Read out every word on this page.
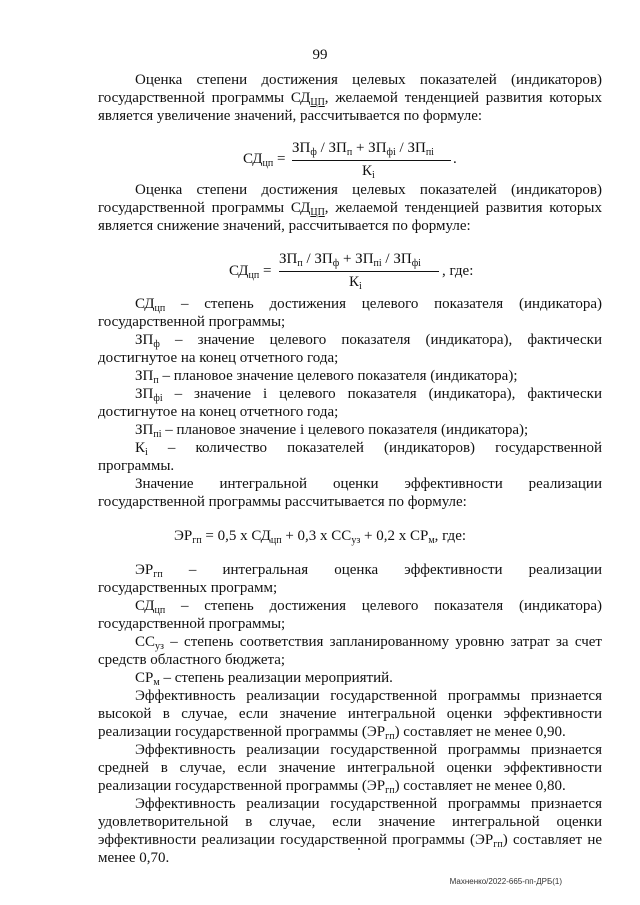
99
Оценка степени достижения целевых показателей (индикаторов)
государственной программы $СД_{ЦП}$, желаемой тенденцией развития которых
является увеличение значений, рассчитывается по формуле:
$СД_{цп}$ =
$ЗП_ф / ЗП_п + ЗП_{фi} / ЗП_{пi}$
$К_i$
.
Оценка степени достижения целевых показателей (индикаторов)
государственной программы $СД_{ЦП}$, желаемой тенденцией развития которых
является снижение значений, рассчитывается по формуле:
$СД_{цп}$ =
$ЗП_п / ЗП_ф + ЗП_{пi} / ЗП_{фi}$
$К_i$
, где:
$СД_{цп}$ – степень достижения целевого показателя (индикатора)
государственной программы;
$ЗП_ф$ – значение целевого показателя (индикатора), фактически
достигнутое на конец отчетного года;
$ЗП_п$ – плановое значение целевого показателя (индикатора);
$ЗП_{фi}$ – значение i целевого показателя (индикатора), фактически
достигнутое на конец отчетного года;
$ЗП_{пi}$ – плановое значение i целевого показателя (индикатора);
$К_i$ – количество показателей (индикаторов) государственной
программы.
Значение интегральной оценки эффективности реализации
государственной программы рассчитывается по формуле:
$ЭР_{гп} = 0,5$ х $СД_{цп} + 0,3$ х $СС_{уз} + 0,2$ х $СР_м$, где:
$ЭР_{гп}$ – интегральная оценка эффективности реализации
государственных программ;
$СД_{цп}$ – степень достижения целевого показателя (индикатора)
государственной программы;
$СС_{уз}$ – степень соответствия запланированному уровню затрат за счет
средств областного бюджета;
$СР_м$ – степень реализации мероприятий.
Эффективность реализации государственной программы признается
высокой в случае, если значение интегральной оценки эффективности
реализации государственной программы $(ЭР_{гп})$ составляет не менее 0,90.
Эффективность реализации государственной программы признается
средней в случае, если значение интегральной оценки эффективности
реализации государственной программы $(ЭР_{гп})$ составляет не менее 0,80.
Эффективность реализации государственной программы признается
удовлетворительной в случае, если значение интегральной оценки
эффективности реализации государственной программы $(ЭР_{гп})$ составляет не
менее 0,70.
Махненко/2022-665-пп-ДРБ(1)
